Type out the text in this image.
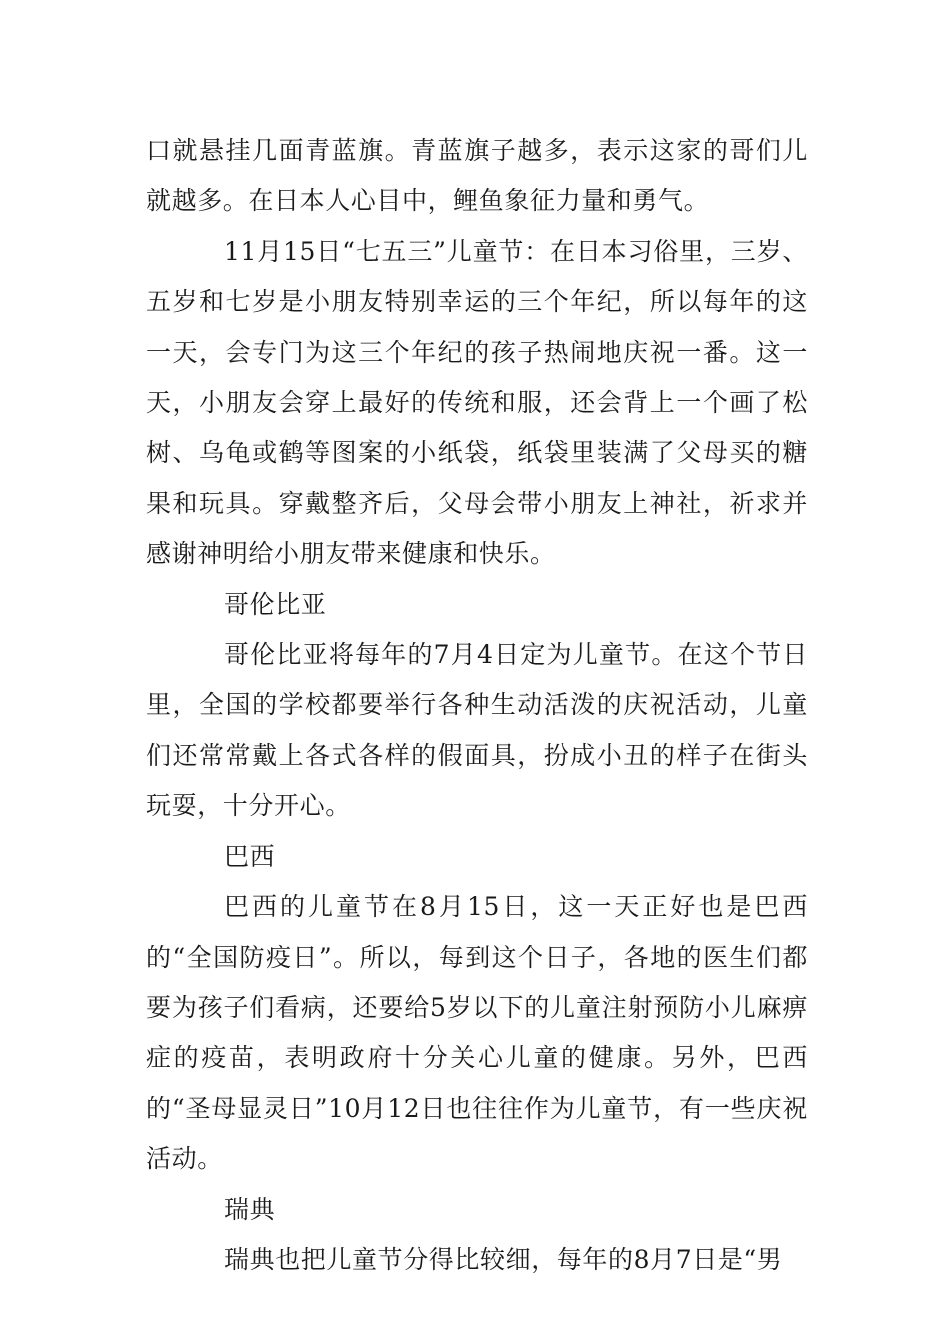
口就悬挂几面青蓝旗。青蓝旗子越多，表示这家的哥们儿就越多。在日本人心目中，鲤鱼象征力量和勇气。

11月15日“七五三”儿童节：在日本习俗里，三岁、五岁和七岁是小朋友特别幸运的三个年纪，所以每年的这一天，会专门为这三个年纪的孩子热闹地庆祝一番。这一天，小朋友会穿上最好的传统和服，还会背上一个画了松树、乌龟或鹤等图案的小纸袋，纸袋里装满了父母买的糖果和玩具。穿戴整齐后，父母会带小朋友上神社，祈求并感谢神明给小朋友带来健康和快乐。

哥伦比亚

哥伦比亚将每年的7月4日定为儿童节。在这个节日里，全国的学校都要举行各种生动活泼的庆祝活动，儿童们还常常戴上各式各样的假面具，扮成小丑的样子在街头玩耍，十分开心。

巴西

巴西的儿童节在8月15日，这一天正好也是巴西的“全国防疫日”。所以，每到这个日子，各地的医生们都要为孩子们看病，还要给5岁以下的儿童注射预防小儿麻痹症的疫苗，表明政府十分关心儿童的健康。另外，巴西的“圣母显灵日”10月12日也往往作为儿童节，有一些庆祝活动。

瑞典

瑞典也把儿童节分得比较细，每年的8月7日是“男
